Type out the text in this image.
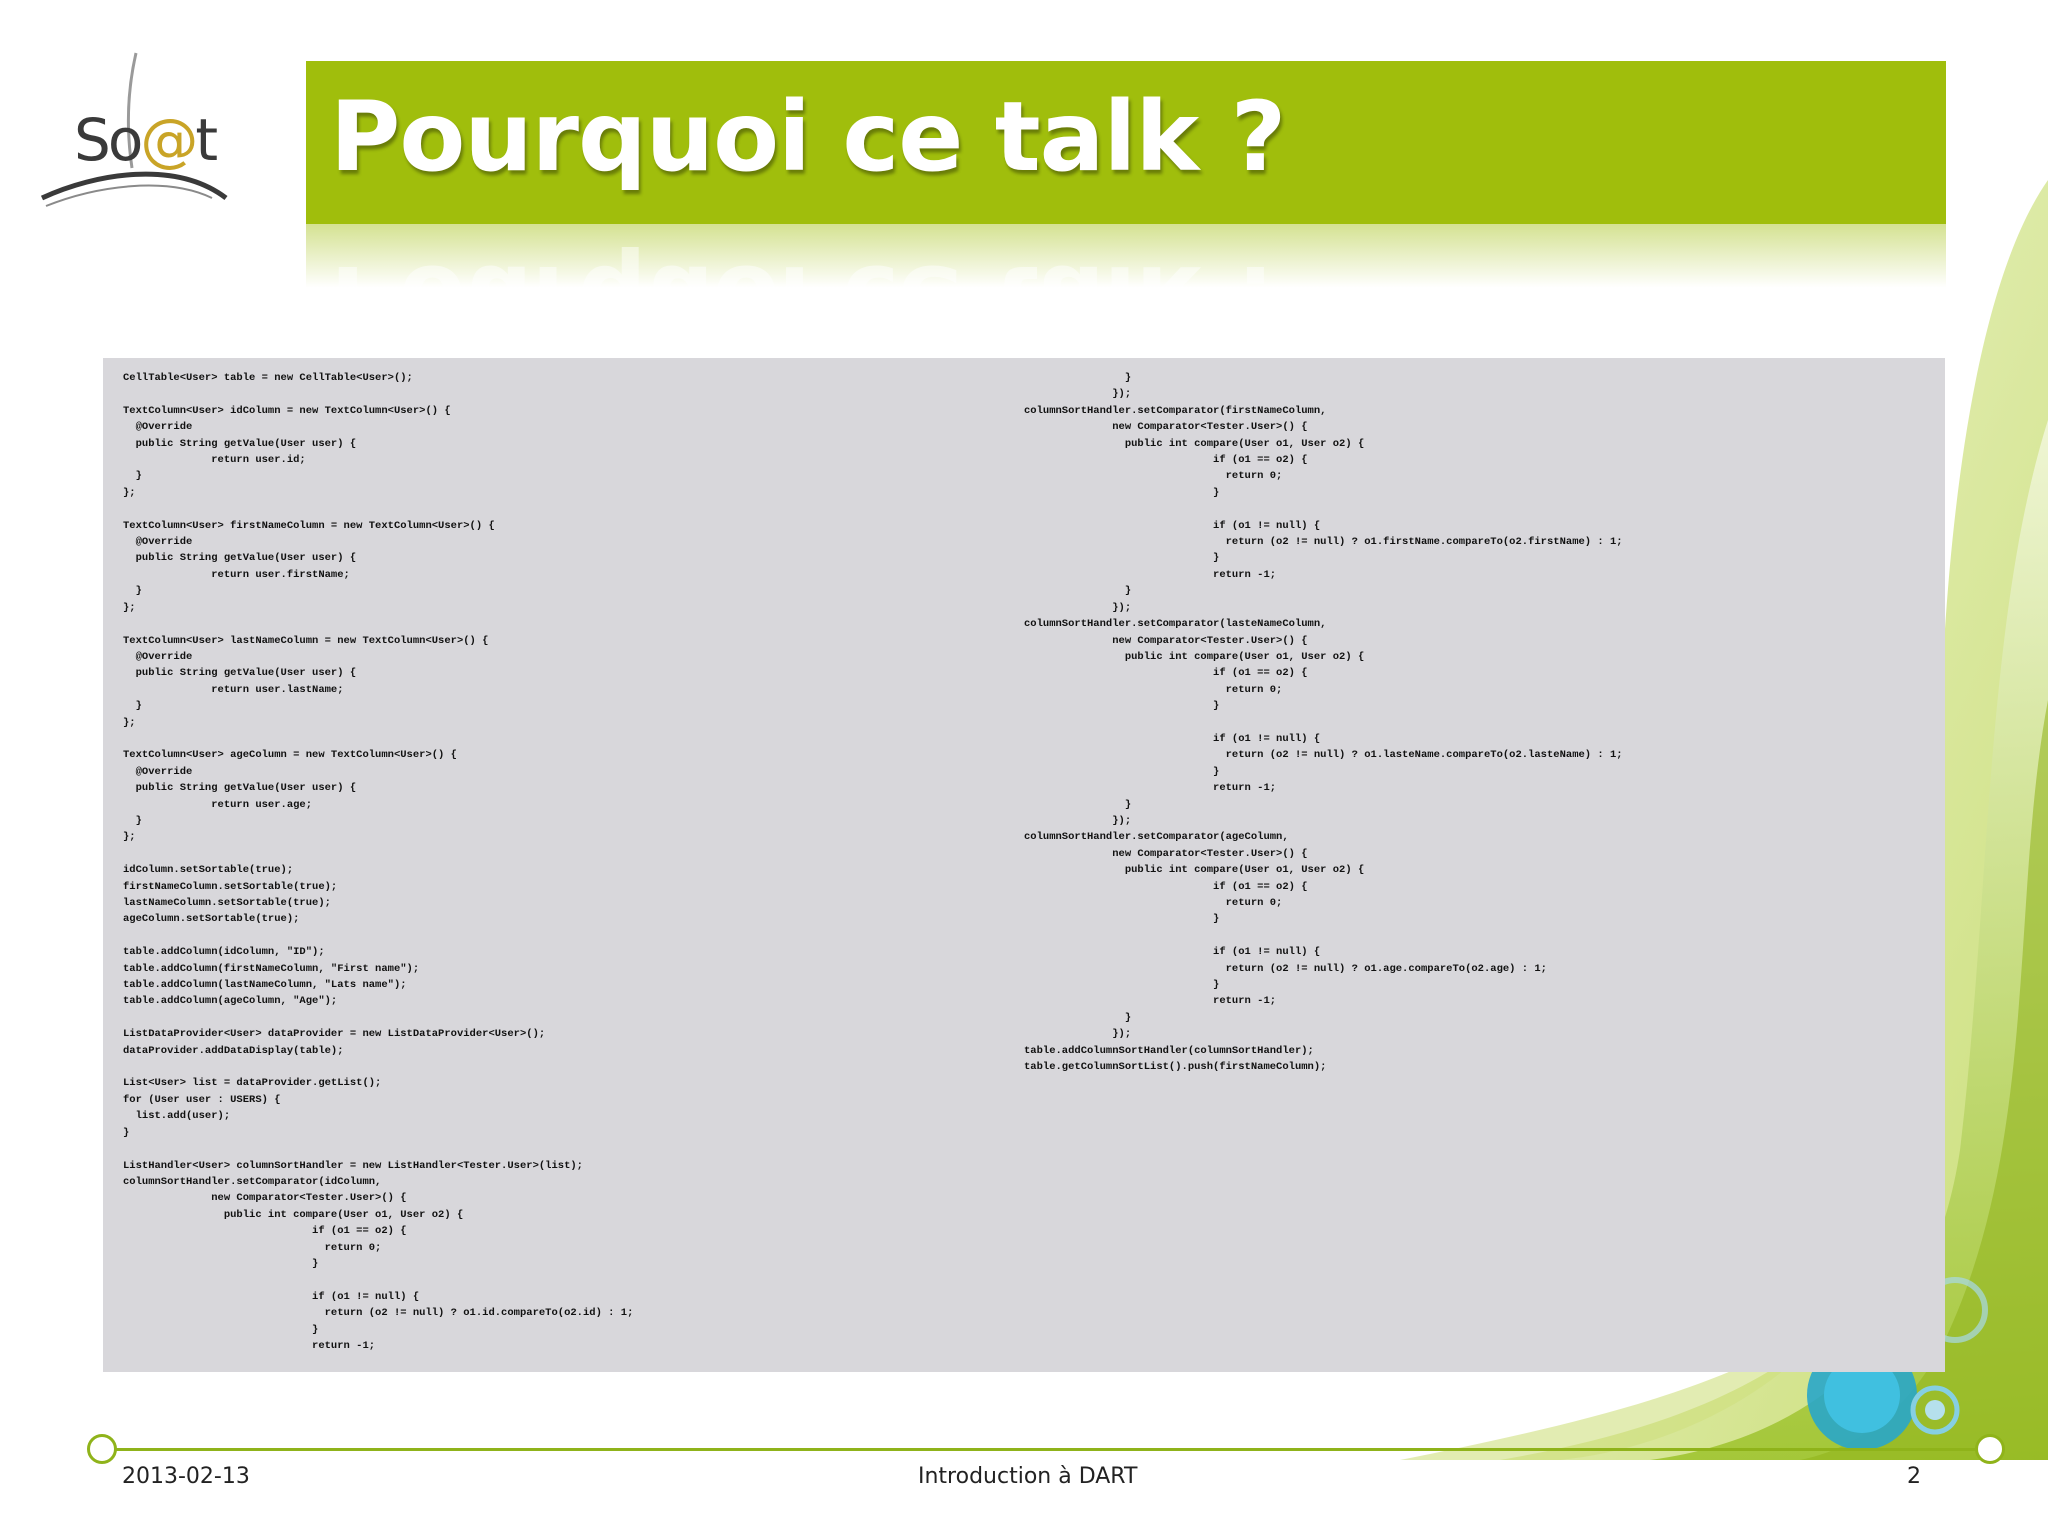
So@t Pourquoi ce talk ?
Pourquoi ce talk ?
CellTable<User> table = new CellTable<User>();

TextColumn<User> idColumn = new TextColumn<User>() {
@Override
public String getValue(User user) {
return user.id;
}
};

TextColumn<User> firstNameColumn = new TextColumn<User>() {
@Override
public String getValue(User user) {
return user.firstName;
}
};

TextColumn<User> lastNameColumn = new TextColumn<User>() {
@Override
public String getValue(User user) {
return user.lastName;
}
};

TextColumn<User> ageColumn = new TextColumn<User>() {
@Override
public String getValue(User user) {
return user.age;
}
};

idColumn.setSortable(true);
firstNameColumn.setSortable(true);
lastNameColumn.setSortable(true);
ageColumn.setSortable(true);

table.addColumn(idColumn, "ID");
table.addColumn(firstNameColumn, "First name");
table.addColumn(lastNameColumn, "Lats name");
table.addColumn(ageColumn, "Age");

ListDataProvider<User> dataProvider = new ListDataProvider<User>();
dataProvider.addDataDisplay(table);

List<User> list = dataProvider.getList();
for (User user : USERS) {
list.add(user);
}

ListHandler<User> columnSortHandler = new ListHandler<Tester.User>(list);
columnSortHandler.setComparator(idColumn,
new Comparator<Tester.User>() {
public int compare(User o1, User o2) {
if (o1 == o2) {
return 0;
}

if (o1 != null) {
return (o2 != null) ? o1.id.compareTo(o2.id) : 1;
}
return -1;
}
});
columnSortHandler.setComparator(firstNameColumn,
new Comparator<Tester.User>() {
public int compare(User o1, User o2) {
if (o1 == o2) {
return 0;
}

if (o1 != null) {
return (o2 != null) ? o1.firstName.compareTo(o2.firstName) : 1;
}
return -1;
}
});
columnSortHandler.setComparator(lasteNameColumn,
new Comparator<Tester.User>() {
public int compare(User o1, User o2) {
if (o1 == o2) {
return 0;
}

if (o1 != null) {
return (o2 != null) ? o1.lasteName.compareTo(o2.lasteName) : 1;
}
return -1;
}
});
columnSortHandler.setComparator(ageColumn,
new Comparator<Tester.User>() {
public int compare(User o1, User o2) {
if (o1 == o2) {
return 0;
}

if (o1 != null) {
return (o2 != null) ? o1.age.compareTo(o2.age) : 1;
}
return -1;
}
});
table.addColumnSortHandler(columnSortHandler);
table.getColumnSortList().push(firstNameColumn);
2013-02-13	Introduction à DART	2
